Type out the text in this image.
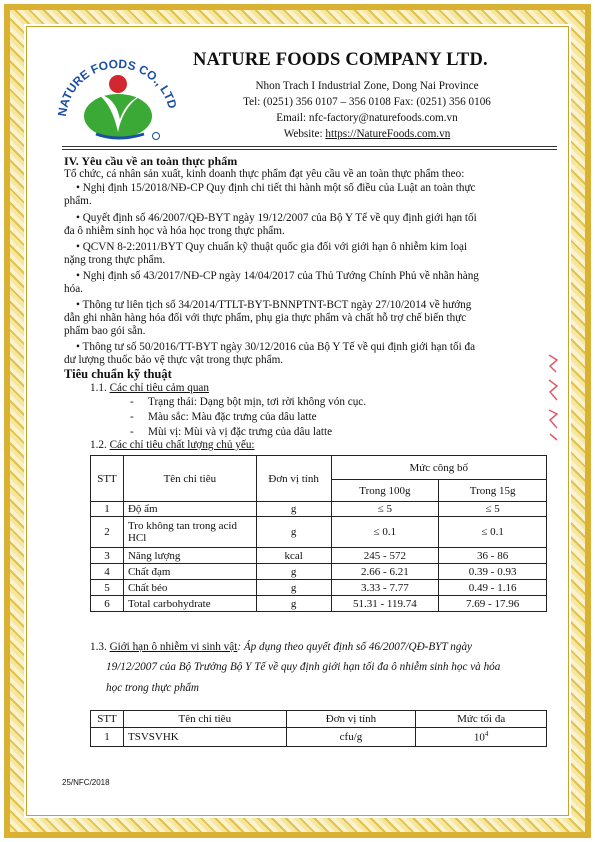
NATURE FOODS CO., LTD
NATURE FOODS COMPANY LTD.
Nhon Trach I Industrial Zone, Dong Nai Province
Tel: (0251) 356 0107 – 356 0108 Fax: (0251) 356 0106
Email: nfc-factory@naturefoods.com.vn
Website: https://NatureFoods.com.vn
IV. Yêu cầu về an toàn thực phẩm
Tổ chức, cá nhân sản xuất, kinh doanh thực phẩm đạt yêu cầu về an toàn thực phẩm theo:
• Nghị định 15/2018/NĐ-CP Quy định chi tiết thi hành một số điều của Luật an toàn thực
phẩm.
• Quyết định số 46/2007/QĐ-BYT ngày 19/12/2007 của Bộ Y Tế về quy định giới hạn tối
đa ô nhiễm sinh học và hóa học trong thực phẩm.
• QCVN 8-2:2011/BYT Quy chuẩn kỹ thuật quốc gia đối với giới hạn ô nhiễm kim loại
nặng trong thực phẩm.
• Nghị định số 43/2017/NĐ-CP ngày 14/04/2017 của Thủ Tướng Chính Phủ về nhãn hàng
hóa.
• Thông tư liên tịch số 34/2014/TTLT-BYT-BNNPTNT-BCT ngày 27/10/2014 về hướng
dẫn ghi nhãn hàng hóa đối với thực phẩm, phụ gia thực phẩm và chất hỗ trợ chế biến thực
phẩm bao gói sẵn.
• Thông tư số 50/2016/TT-BYT ngày 30/12/2016 của Bộ Y Tế về qui định giới hạn tối đa
dư lượng thuốc bảo vệ thực vật trong thực phẩm.
Tiêu chuẩn kỹ thuật
1.1. Các chỉ tiêu cảm quan
- Trạng thái: Dạng bột mịn, tơi rời không vón cục.
- Màu sắc: Màu đặc trưng của dâu latte
- Mùi vị: Mùi và vị đặc trưng của dâu latte
1.2. Các chỉ tiêu chất lượng chủ yếu:
STT	Tên chỉ tiêu	Đơn vị tính	Mức công bố	
			Trong 100g	Trong 15g
1	Độ ẩm	g	≤ 5	≤ 5
2	Tro không tan trong acid HCl	g	≤ 0.1	≤ 0.1
3	Năng lượng	kcal	245 - 572	36 - 86
4	Chất đạm	g	2.66 - 6.21	0.39 - 0.93
5	Chất béo	g	3.33 - 7.77	0.49 - 1.16
6	Total carbohydrate	g	51.31 - 119.74	7.69 - 17.96
1.3. Giới hạn ô nhiễm vi sinh vật: Áp dụng theo quyết định số 46/2007/QĐ-BYT ngày
19/12/2007 của Bộ Trưởng Bộ Y Tế về quy định giới hạn tối đa ô nhiễm sinh học và hóa
học trong thực phẩm
STT	Tên chỉ tiêu	Đơn vị tính	Mức tối đa
1	TSVSVHK	cfu/g	$10^4$
25/NFC/2018
